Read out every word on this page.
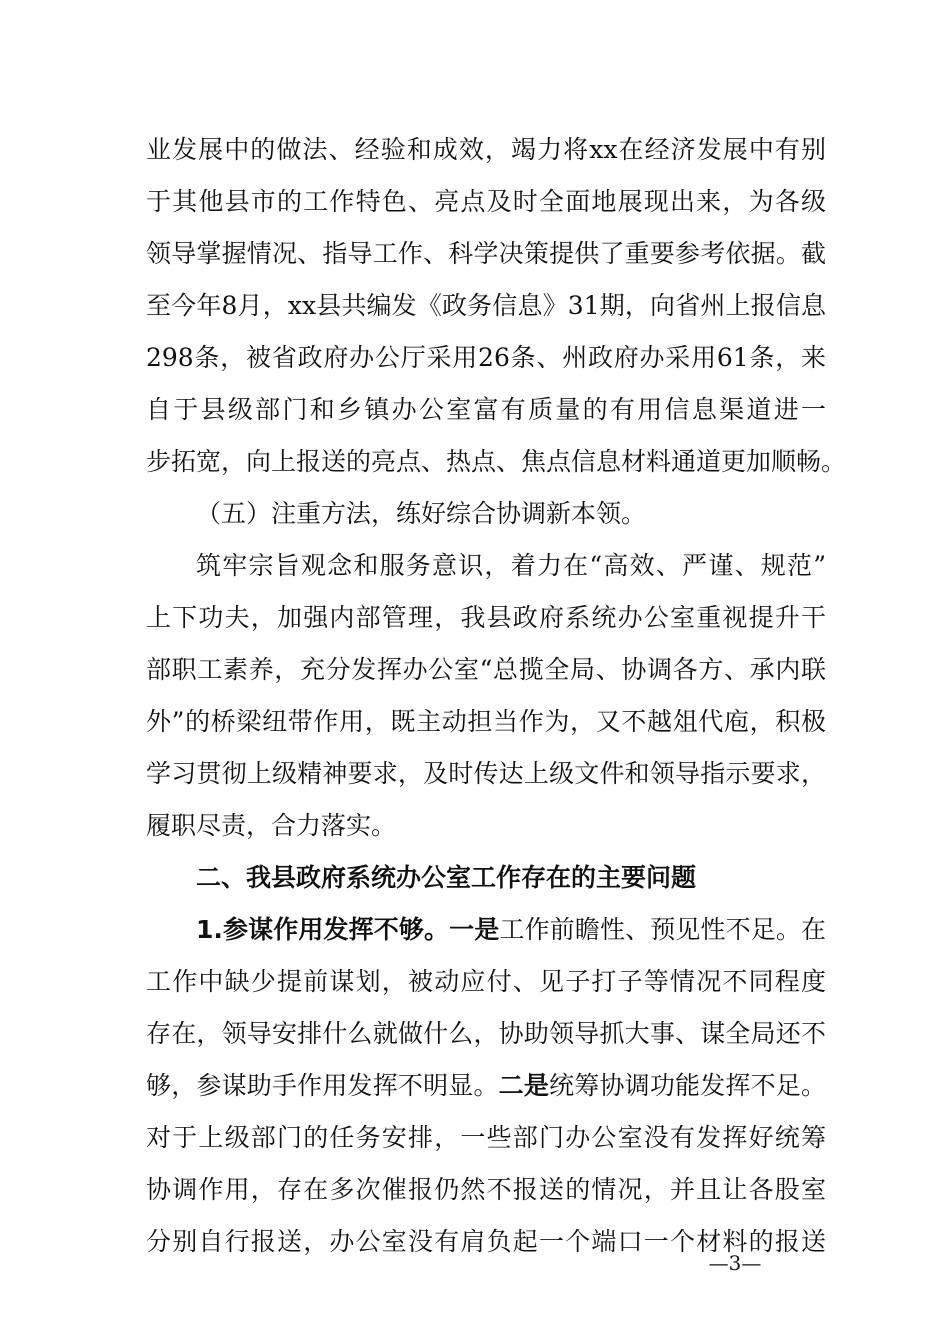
业发展中的做法、经验和成效，竭力将xx在经济发展中有别
于其他县市的工作特色、亮点及时全面地展现出来，为各级
领导掌握情况、指导工作、科学决策提供了重要参考依据。截
至今年8月，xx县共编发《政务信息》31期，向省州上报信息
298条，被省政府办公厅采用26条、州政府办采用61条，来
自于县级部门和乡镇办公室富有质量的有用信息渠道进一
步拓宽，向上报送的亮点、热点、焦点信息材料通道更加顺畅。
（五）注重方法，练好综合协调新本领。
筑牢宗旨观念和服务意识，着力在“高效、严谨、规范”
上下功夫，加强内部管理，我县政府系统办公室重视提升干
部职工素养，充分发挥办公室“总揽全局、协调各方、承内联
外”的桥梁纽带作用，既主动担当作为，又不越俎代庖，积极
学习贯彻上级精神要求，及时传达上级文件和领导指示要求，
履职尽责，合力落实。
二、我县政府系统办公室工作存在的主要问题
1.参谋作用发挥不够。一是工作前瞻性、预见性不足。在
工作中缺少提前谋划，被动应付、见子打子等情况不同程度
存在，领导安排什么就做什么，协助领导抓大事、谋全局还不
够，参谋助手作用发挥不明显。二是统筹协调功能发挥不足。
对于上级部门的任务安排，一些部门办公室没有发挥好统筹
协调作用，存在多次催报仍然不报送的情况，并且让各股室
分别自行报送，办公室没有肩负起一个端口一个材料的报送
—3—
